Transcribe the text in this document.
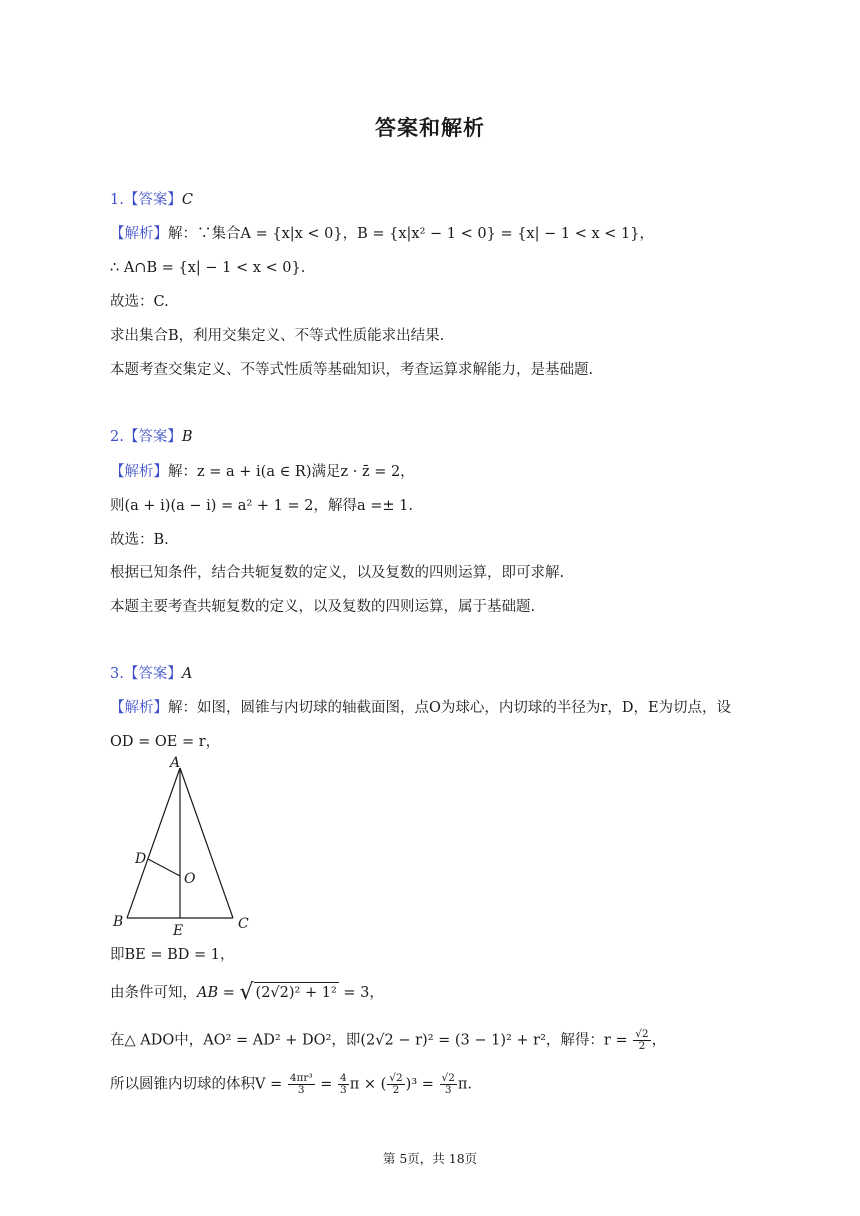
答案和解析
1.【答案】C
【解析】解：∵集合A = {x|x < 0}，B = {x|x² − 1 < 0} = {x| − 1 < x < 1}，
∴ A∩B = {x| − 1 < x < 0}.
故选：C.
求出集合B，利用交集定义、不等式性质能求出结果.
本题考查交集定义、不等式性质等基础知识，考查运算求解能力，是基础题.
2.【答案】B
【解析】解：z = a + i(a ∈ R)满足z · z̄ = 2，
则(a + i)(a − i) = a² + 1 = 2，解得a =± 1.
故选：B.
根据已知条件，结合共轭复数的定义，以及复数的四则运算，即可求解.
本题主要考查共轭复数的定义，以及复数的四则运算，属于基础题.
3.【答案】A
【解析】解：如图，圆锥与内切球的轴截面图，点O为球心，内切球的半径为r，D，E为切点，设
OD = OE = r，
A
B	C
D
E
O
即BE = BD = 1，
由条件可知，AB = √ (2√2)² + 1² = 3，
在△ ADO中，AO² = AD² + DO²，即(2√2 − r)² = (3 − 1)² + r²，解得：$r = \frac{√2}{2}$ ，
所以圆锥内切球的体积$V = \frac{\text{4πr³}}{3} = \frac{4}{3}$ π × ( $\frac{√2}{2} )^3 = \frac{√2}{3} \pi$.
第 5页，共 18页
